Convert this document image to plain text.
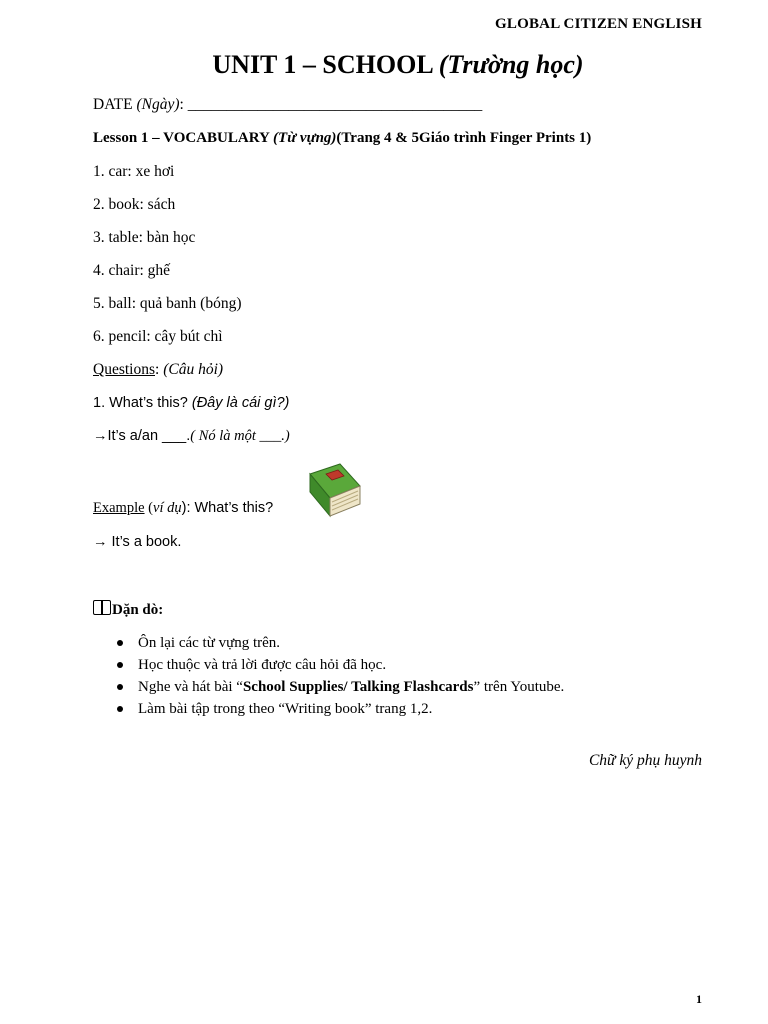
GLOBAL CITIZEN ENGLISH
UNIT 1 – SCHOOL (Trường học)
DATE (Ngày): ______________________________________
Lesson 1 – VOCABULARY (Từ vựng)(Trang 4 & 5Giáo trình Finger Prints 1)
1. car: xe hơi
2. book: sách
3. table: bàn học
4. chair: ghế
5. ball: quả banh (bóng)
6. pencil: cây bút chì
Questions: (Câu hỏi)
1. What’s this? (Đây là cái gì?)
→It’s a/an ___.( Nó là một ___.)
Example (ví dụ): What’s this?
→ It’s a book.
Dặn dò:
Ôn lại các từ vựng trên.
Học thuộc và trả lời được câu hỏi đã học.
Nghe và hát bài “School Supplies/ Talking Flashcards” trên Youtube.
Làm bài tập trong theo “Writing book” trang 1,2.
Chữ ký phụ huynh
1
